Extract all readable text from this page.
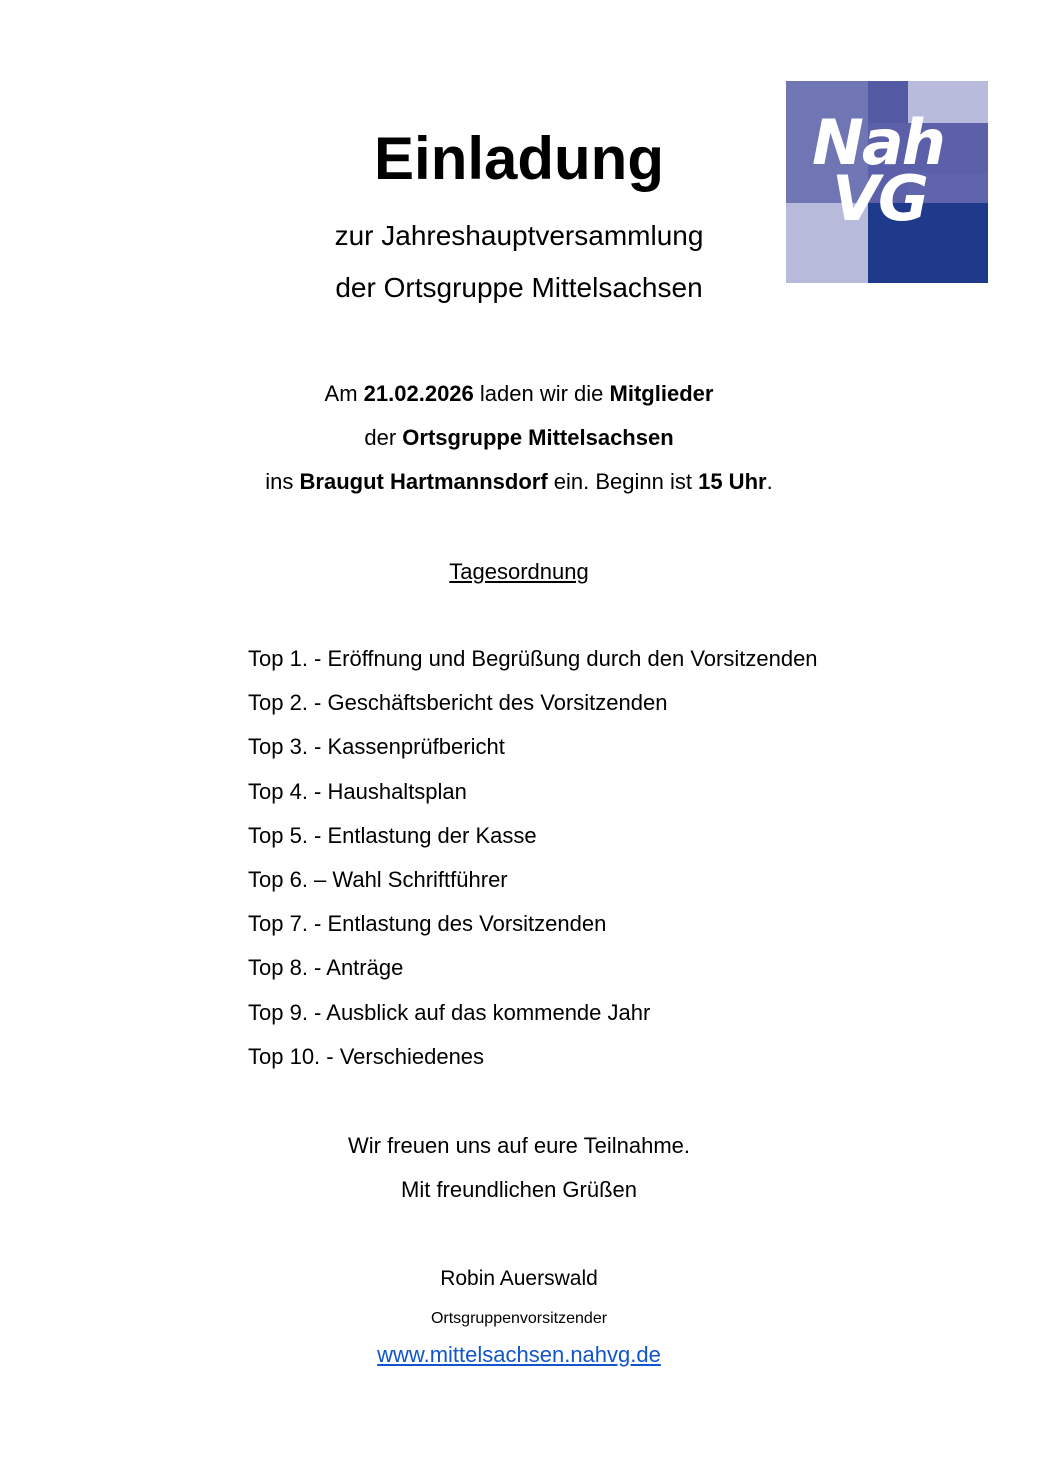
Einladung
zur Jahreshauptversammlung
der Ortsgruppe Mittelsachsen
Nah
VG
Am 21.02.2026 laden wir die Mitglieder
der Ortsgruppe Mittelsachsen
ins Braugut Hartmannsdorf ein. Beginn ist 15 Uhr.
Tagesordnung
Top 1. - Eröffnung und Begrüßung durch den Vorsitzenden
Top 2. - Geschäftsbericht des Vorsitzenden
Top 3. - Kassenprüfbericht
Top 4. - Haushaltsplan
Top 5. - Entlastung der Kasse
Top 6. – Wahl Schriftführer
Top 7. - Entlastung des Vorsitzenden
Top 8. - Anträge
Top 9. - Ausblick auf das kommende Jahr
Top 10. - Verschiedenes
Wir freuen uns auf eure Teilnahme.
Mit freundlichen Grüßen
Robin Auerswald
Ortsgruppenvorsitzender
www.mittelsachsen.nahvg.de
